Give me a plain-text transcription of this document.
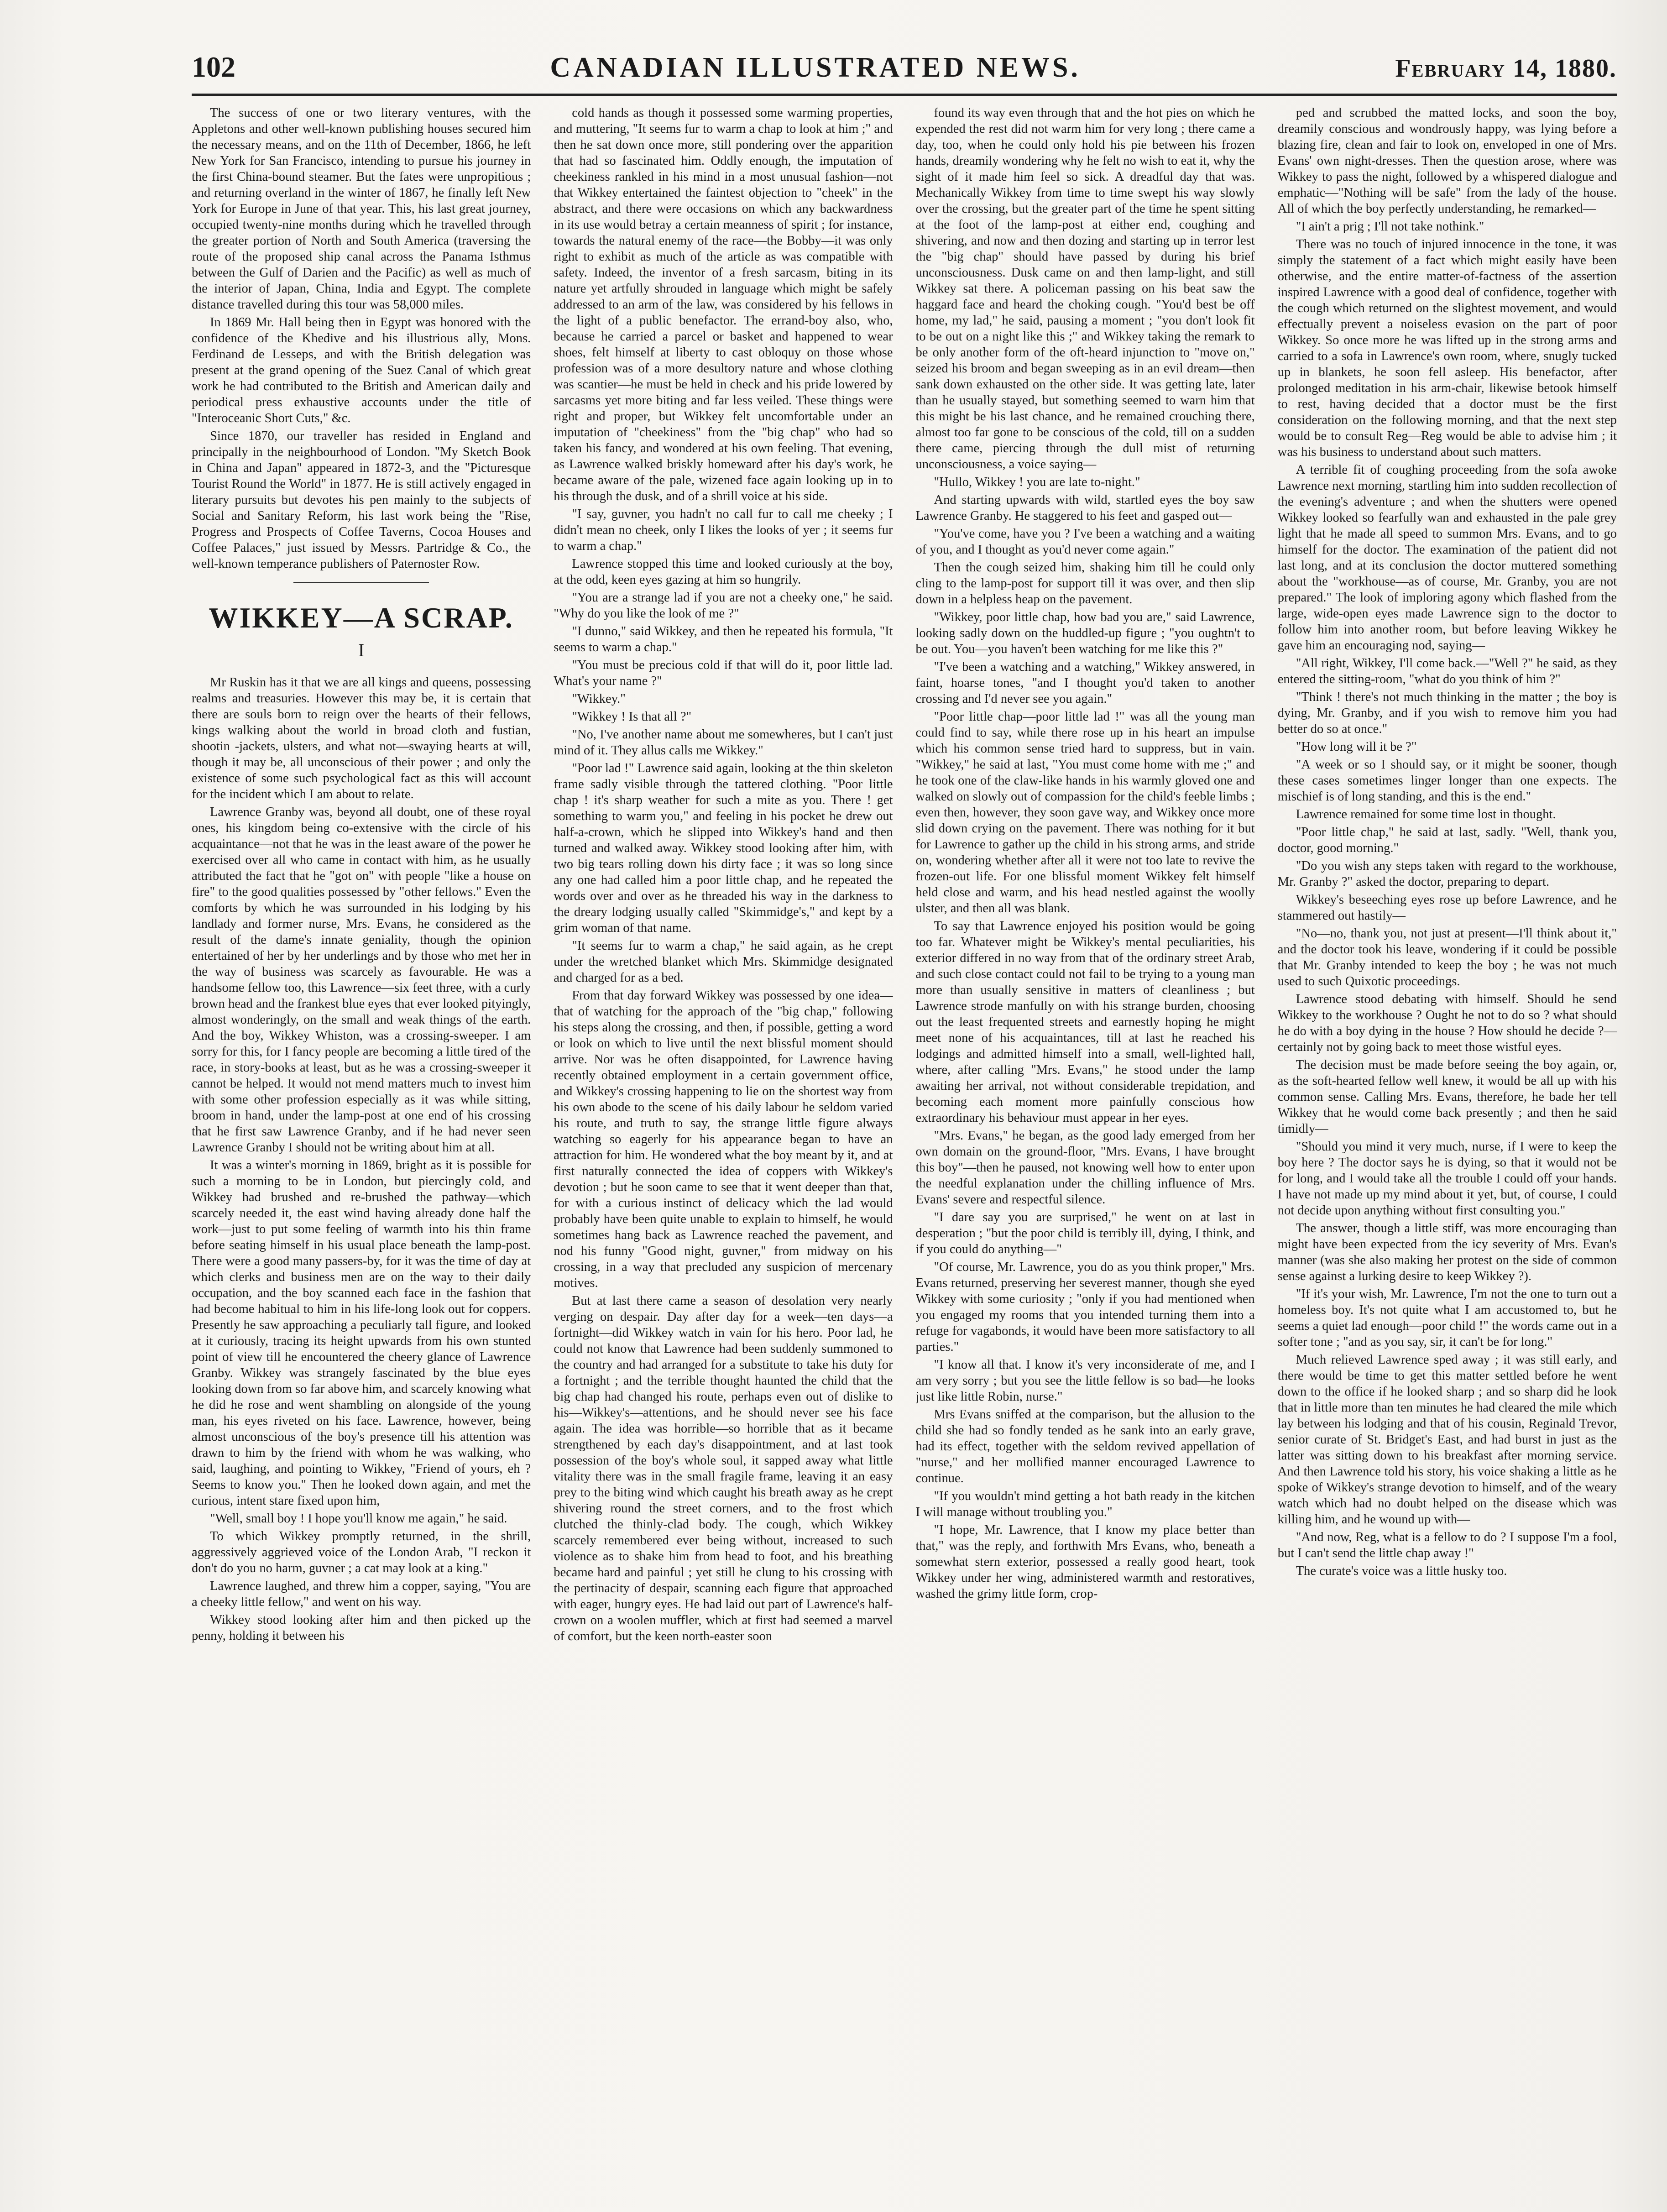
102	CANADIAN ILLUSTRATED NEWS.	February 14, 1880.

The success of one or two literary ventures, with the Appletons and other well-known publishing houses secured him the necessary means, and on the 11th of December, 1866, he left New York for San Francisco, intending to pursue his journey in the first China-bound steamer. But the fates were unpropitious ; and returning overland in the winter of 1867, he finally left New York for Europe in June of that year. This, his last great journey, occupied twenty-nine months during which he travelled through the greater portion of North and South America (traversing the route of the proposed ship canal across the Panama Isthmus between the Gulf of Darien and the Pacific) as well as much of the interior of Japan, China, India and Egypt. The complete distance travelled during this tour was 58,000 miles.

In 1869 Mr. Hall being then in Egypt was honored with the confidence of the Khedive and his illustrious ally, Mons. Ferdinand de Lesseps, and with the British delegation was present at the grand opening of the Suez Canal of which great work he had contributed to the British and American daily and periodical press exhaustive accounts under the title of "Interoceanic Short Cuts," &c.

Since 1870, our traveller has resided in England and principally in the neighbourhood of London. "My Sketch Book in China and Japan" appeared in 1872-3, and the "Picturesque Tourist Round the World" in 1877. He is still actively engaged in literary pursuits but devotes his pen mainly to the subjects of Social and Sanitary Reform, his last work being the "Rise, Progress and Prospects of Coffee Taverns, Cocoa Houses and Coffee Palaces," just issued by Messrs. Partridge & Co., the well-known temperance publishers of Paternoster Row.

WIKKEY—A SCRAP.
I

Mr Ruskin has it that we are all kings and queens, possessing realms and treasuries. However this may be, it is certain that there are souls born to reign over the hearts of their fellows, kings walking about the world in broad cloth and fustian, shootin -jackets, ulsters, and what not—swaying hearts at will, though it may be, all unconscious of their power ; and only the existence of some such psychological fact as this will account for the incident which I am about to relate.

Lawrence Granby was, beyond all doubt, one of these royal ones, his kingdom being co-extensive with the circle of his acquaintance—not that he was in the least aware of the power he exercised over all who came in contact with him, as he usually attributed the fact that he "got on" with people "like a house on fire" to the good qualities possessed by "other fellows." Even the comforts by which he was surrounded in his lodging by his landlady and former nurse, Mrs. Evans, he considered as the result of the dame's innate geniality, though the opinion entertained of her by her underlings and by those who met her in the way of business was scarcely as favourable. He was a handsome fellow too, this Lawrence—six feet three, with a curly brown head and the frankest blue eyes that ever looked pityingly, almost wonderingly, on the small and weak things of the earth. And the boy, Wikkey Whiston, was a crossing-sweeper. I am sorry for this, for I fancy people are becoming a little tired of the race, in story-books at least, but as he was a crossing-sweeper it cannot be helped. It would not mend matters much to invest him with some other profession especially as it was while sitting, broom in hand, under the lamp-post at one end of his crossing that he first saw Lawrence Granby, and if he had never seen Lawrence Granby I should not be writing about him at all.

It was a winter's morning in 1869, bright as it is possible for such a morning to be in London, but piercingly cold, and Wikkey had brushed and re-brushed the pathway—which scarcely needed it, the east wind having already done half the work—just to put some feeling of warmth into his thin frame before seating himself in his usual place beneath the lamp-post. There were a good many passers-by, for it was the time of day at which clerks and business men are on the way to their daily occupation, and the boy scanned each face in the fashion that had become habitual to him in his life-long look out for coppers. Presently he saw approaching a peculiarly tall figure, and looked at it curiously, tracing its height upwards from his own stunted point of view till he encountered the cheery glance of Lawrence Granby. Wikkey was strangely fascinated by the blue eyes looking down from so far above him, and scarcely knowing what he did he rose and went shambling on alongside of the young man, his eyes riveted on his face. Lawrence, however, being almost unconscious of the boy's presence till his attention was drawn to him by the friend with whom he was walking, who said, laughing, and pointing to Wikkey, "Friend of yours, eh ? Seems to know you." Then he looked down again, and met the curious, intent stare fixed upon him,

"Well, small boy ! I hope you'll know me again," he said.

To which Wikkey promptly returned, in the shrill, aggressively aggrieved voice of the London Arab, "I reckon it don't do you no harm, guvner ; a cat may look at a king."

Lawrence laughed, and threw him a copper, saying, "You are a cheeky little fellow," and went on his way.

Wikkey stood looking after him and then picked up the penny, holding it between his

cold hands as though it possessed some warming properties, and muttering, "It seems fur to warm a chap to look at him ;" and then he sat down once more, still pondering over the apparition that had so fascinated him. Oddly enough, the imputation of cheekiness rankled in his mind in a most unusual fashion—not that Wikkey entertained the faintest objection to "cheek" in the abstract, and there were occasions on which any backwardness in its use would betray a certain meanness of spirit ; for instance, towards the natural enemy of the race—the Bobby—it was only right to exhibit as much of the article as was compatible with safety. Indeed, the inventor of a fresh sarcasm, biting in its nature yet artfully shrouded in language which might be safely addressed to an arm of the law, was considered by his fellows in the light of a public benefactor. The errand-boy also, who, because he carried a parcel or basket and happened to wear shoes, felt himself at liberty to cast obloquy on those whose profession was of a more desultory nature and whose clothing was scantier—he must be held in check and his pride lowered by sarcasms yet more biting and far less veiled. These things were right and proper, but Wikkey felt uncomfortable under an imputation of "cheekiness" from the "big chap" who had so taken his fancy, and wondered at his own feeling. That evening, as Lawrence walked briskly homeward after his day's work, he became aware of the pale, wizened face again looking up in to his through the dusk, and of a shrill voice at his side.

"I say, guvner, you hadn't no call fur to call me cheeky ; I didn't mean no cheek, only I likes the looks of yer ; it seems fur to warm a chap."

Lawrence stopped this time and looked curiously at the boy, at the odd, keen eyes gazing at him so hungrily.

"You are a strange lad if you are not a cheeky one," he said. "Why do you like the look of me ?"

"I dunno," said Wikkey, and then he repeated his formula, "It seems to warm a chap."

"You must be precious cold if that will do it, poor little lad. What's your name ?"

"Wikkey."

"Wikkey ! Is that all ?"

"No, I've another name about me somewheres, but I can't just mind of it. They allus calls me Wikkey."

"Poor lad !" Lawrence said again, looking at the thin skeleton frame sadly visible through the tattered clothing. "Poor little chap ! it's sharp weather for such a mite as you. There ! get something to warm you," and feeling in his pocket he drew out half-a-crown, which he slipped into Wikkey's hand and then turned and walked away. Wikkey stood looking after him, with two big tears rolling down his dirty face ; it was so long since any one had called him a poor little chap, and he repeated the words over and over as he threaded his way in the darkness to the dreary lodging usually called "Skimmidge's," and kept by a grim woman of that name.

"It seems fur to warm a chap," he said again, as he crept under the wretched blanket which Mrs. Skimmidge designated and charged for as a bed.

From that day forward Wikkey was possessed by one idea—that of watching for the approach of the "big chap," following his steps along the crossing, and then, if possible, getting a word or look on which to live until the next blissful moment should arrive. Nor was he often disappointed, for Lawrence having recently obtained employment in a certain government office, and Wikkey's crossing happening to lie on the shortest way from his own abode to the scene of his daily labour he seldom varied his route, and truth to say, the strange little figure always watching so eagerly for his appearance began to have an attraction for him. He wondered what the boy meant by it, and at first naturally connected the idea of coppers with Wikkey's devotion ; but he soon came to see that it went deeper than that, for with a curious instinct of delicacy which the lad would probably have been quite unable to explain to himself, he would sometimes hang back as Lawrence reached the pavement, and nod his funny "Good night, guvner," from midway on his crossing, in a way that precluded any suspicion of mercenary motives.

But at last there came a season of desolation very nearly verging on despair. Day after day for a week—ten days—a fortnight—did Wikkey watch in vain for his hero. Poor lad, he could not know that Lawrence had been suddenly summoned to the country and had arranged for a substitute to take his duty for a fortnight ; and the terrible thought haunted the child that the big chap had changed his route, perhaps even out of dislike to his—Wikkey's—attentions, and he should never see his face again. The idea was horrible—so horrible that as it became strengthened by each day's disappointment, and at last took possession of the boy's whole soul, it sapped away what little vitality there was in the small fragile frame, leaving it an easy prey to the biting wind which caught his breath away as he crept shivering round the street corners, and to the frost which clutched the thinly-clad body. The cough, which Wikkey scarcely remembered ever being without, increased to such violence as to shake him from head to foot, and his breathing became hard and painful ; yet still he clung to his crossing with the pertinacity of despair, scanning each figure that approached with eager, hungry eyes. He had laid out part of Lawrence's half-crown on a woolen muffler, which at first had seemed a marvel of comfort, but the keen north-easter soon

found its way even through that and the hot pies on which he expended the rest did not warm him for very long ; there came a day, too, when he could only hold his pie between his frozen hands, dreamily wondering why he felt no wish to eat it, why the sight of it made him feel so sick. A dreadful day that was. Mechanically Wikkey from time to time swept his way slowly over the crossing, but the greater part of the time he spent sitting at the foot of the lamp-post at either end, coughing and shivering, and now and then dozing and starting up in terror lest the "big chap" should have passed by during his brief unconsciousness. Dusk came on and then lamp-light, and still Wikkey sat there. A policeman passing on his beat saw the haggard face and heard the choking cough. "You'd best be off home, my lad," he said, pausing a moment ; "you don't look fit to be out on a night like this ;" and Wikkey taking the remark to be only another form of the oft-heard injunction to "move on," seized his broom and began sweeping as in an evil dream—then sank down exhausted on the other side. It was getting late, later than he usually stayed, but something seemed to warn him that this might be his last chance, and he remained crouching there, almost too far gone to be conscious of the cold, till on a sudden there came, piercing through the dull mist of returning unconsciousness, a voice saying—

"Hullo, Wikkey ! you are late to-night."

And starting upwards with wild, startled eyes the boy saw Lawrence Granby. He staggered to his feet and gasped out—

"You've come, have you ? I've been a watching and a waiting of you, and I thought as you'd never come again."

Then the cough seized him, shaking him till he could only cling to the lamp-post for support till it was over, and then slip down in a helpless heap on the pavement.

"Wikkey, poor little chap, how bad you are," said Lawrence, looking sadly down on the huddled-up figure ; "you oughtn't to be out. You—you haven't been watching for me like this ?"

"I've been a watching and a watching," Wikkey answered, in faint, hoarse tones, "and I thought you'd taken to another crossing and I'd never see you again."

"Poor little chap—poor little lad !" was all the young man could find to say, while there rose up in his heart an impulse which his common sense tried hard to suppress, but in vain. "Wikkey," he said at last, "You must come home with me ;" and he took one of the claw-like hands in his warmly gloved one and walked on slowly out of compassion for the child's feeble limbs ; even then, however, they soon gave way, and Wikkey once more slid down crying on the pavement. There was nothing for it but for Lawrence to gather up the child in his strong arms, and stride on, wondering whether after all it were not too late to revive the frozen-out life. For one blissful moment Wikkey felt himself held close and warm, and his head nestled against the woolly ulster, and then all was blank.

To say that Lawrence enjoyed his position would be going too far. Whatever might be Wikkey's mental peculiarities, his exterior differed in no way from that of the ordinary street Arab, and such close contact could not fail to be trying to a young man more than usually sensitive in matters of cleanliness ; but Lawrence strode manfully on with his strange burden, choosing out the least frequented streets and earnestly hoping he might meet none of his acquaintances, till at last he reached his lodgings and admitted himself into a small, well-lighted hall, where, after calling "Mrs. Evans," he stood under the lamp awaiting her arrival, not without considerable trepidation, and becoming each moment more painfully conscious how extraordinary his behaviour must appear in her eyes.

"Mrs. Evans," he began, as the good lady emerged from her own domain on the ground-floor, "Mrs. Evans, I have brought this boy"—then he paused, not knowing well how to enter upon the needful explanation under the chilling influence of Mrs. Evans' severe and respectful silence.

"I dare say you are surprised," he went on at last in desperation ; "but the poor child is terribly ill, dying, I think, and if you could do anything—"

"Of course, Mr. Lawrence, you do as you think proper," Mrs. Evans returned, preserving her severest manner, though she eyed Wikkey with some curiosity ; "only if you had mentioned when you engaged my rooms that you intended turning them into a refuge for vagabonds, it would have been more satisfactory to all parties."

"I know all that. I know it's very inconsiderate of me, and I am very sorry ; but you see the little fellow is so bad—he looks just like little Robin, nurse."

Mrs Evans sniffed at the comparison, but the allusion to the child she had so fondly tended as he sank into an early grave, had its effect, together with the seldom revived appellation of "nurse," and her mollified manner encouraged Lawrence to continue.

"If you wouldn't mind getting a hot bath ready in the kitchen I will manage without troubling you."

"I hope, Mr. Lawrence, that I know my place better than that," was the reply, and forthwith Mrs Evans, who, beneath a somewhat stern exterior, possessed a really good heart, took Wikkey under her wing, administered warmth and restoratives, washed the grimy little form, crop-

ped and scrubbed the matted locks, and soon the boy, dreamily conscious and wondrously happy, was lying before a blazing fire, clean and fair to look on, enveloped in one of Mrs. Evans' own night-dresses. Then the question arose, where was Wikkey to pass the night, followed by a whispered dialogue and emphatic—"Nothing will be safe" from the lady of the house. All of which the boy perfectly understanding, he remarked—

"I ain't a prig ; I'll not take nothink."

There was no touch of injured innocence in the tone, it was simply the statement of a fact which might easily have been otherwise, and the entire matter-of-factness of the assertion inspired Lawrence with a good deal of confidence, together with the cough which returned on the slightest movement, and would effectually prevent a noiseless evasion on the part of poor Wikkey. So once more he was lifted up in the strong arms and carried to a sofa in Lawrence's own room, where, snugly tucked up in blankets, he soon fell asleep. His benefactor, after prolonged meditation in his arm-chair, likewise betook himself to rest, having decided that a doctor must be the first consideration on the following morning, and that the next step would be to consult Reg—Reg would be able to advise him ; it was his business to understand about such matters.

A terrible fit of coughing proceeding from the sofa awoke Lawrence next morning, startling him into sudden recollection of the evening's adventure ; and when the shutters were opened Wikkey looked so fearfully wan and exhausted in the pale grey light that he made all speed to summon Mrs. Evans, and to go himself for the doctor. The examination of the patient did not last long, and at its conclusion the doctor muttered something about the "workhouse—as of course, Mr. Granby, you are not prepared." The look of imploring agony which flashed from the large, wide-open eyes made Lawrence sign to the doctor to follow him into another room, but before leaving Wikkey he gave him an encouraging nod, saying—

"All right, Wikkey, I'll come back.—"Well ?" he said, as they entered the sitting-room, "what do you think of him ?"

"Think ! there's not much thinking in the matter ; the boy is dying, Mr. Granby, and if you wish to remove him you had better do so at once."

"How long will it be ?"

"A week or so I should say, or it might be sooner, though these cases sometimes linger longer than one expects. The mischief is of long standing, and this is the end."

Lawrence remained for some time lost in thought.

"Poor little chap," he said at last, sadly. "Well, thank you, doctor, good morning."

"Do you wish any steps taken with regard to the workhouse, Mr. Granby ?" asked the doctor, preparing to depart.

Wikkey's beseeching eyes rose up before Lawrence, and he stammered out hastily—

"No—no, thank you, not just at present—I'll think about it," and the doctor took his leave, wondering if it could be possible that Mr. Granby intended to keep the boy ; he was not much used to such Quixotic proceedings.

Lawrence stood debating with himself. Should he send Wikkey to the workhouse ? Ought he not to do so ? what should he do with a boy dying in the house ? How should he decide ?—certainly not by going back to meet those wistful eyes.

The decision must be made before seeing the boy again, or, as the soft-hearted fellow well knew, it would be all up with his common sense. Calling Mrs. Evans, therefore, he bade her tell Wikkey that he would come back presently ; and then he said timidly—

"Should you mind it very much, nurse, if I were to keep the boy here ? The doctor says he is dying, so that it would not be for long, and I would take all the trouble I could off your hands. I have not made up my mind about it yet, but, of course, I could not decide upon anything without first consulting you."

The answer, though a little stiff, was more encouraging than might have been expected from the icy severity of Mrs. Evan's manner (was she also making her protest on the side of common sense against a lurking desire to keep Wikkey ?).

"If it's your wish, Mr. Lawrence, I'm not the one to turn out a homeless boy. It's not quite what I am accustomed to, but he seems a quiet lad enough—poor child !" the words came out in a softer tone ; "and as you say, sir, it can't be for long."

Much relieved Lawrence sped away ; it was still early, and there would be time to get this matter settled before he went down to the office if he looked sharp ; and so sharp did he look that in little more than ten minutes he had cleared the mile which lay between his lodging and that of his cousin, Reginald Trevor, senior curate of St. Bridget's East, and had burst in just as the latter was sitting down to his breakfast after morning service. And then Lawrence told his story, his voice shaking a little as he spoke of Wikkey's strange devotion to himself, and of the weary watch which had no doubt helped on the disease which was killing him, and he wound up with—

"And now, Reg, what is a fellow to do ? I suppose I'm a fool, but I can't send the little chap away !"

The curate's voice was a little husky too.
